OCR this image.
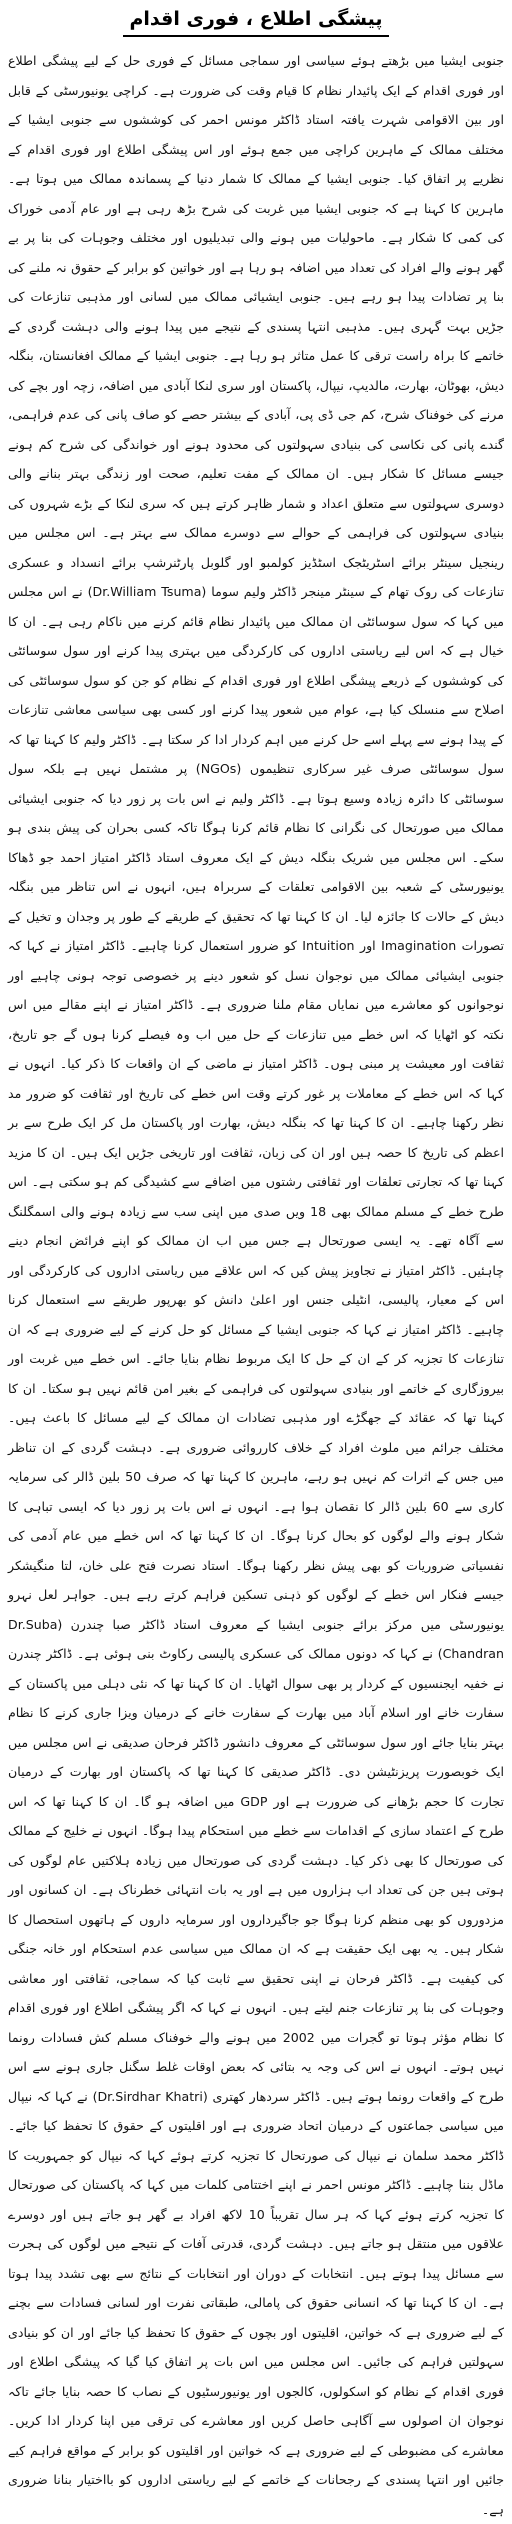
پیشگی اطلاع ، فوری اقدام

جنوبی ایشیا میں بڑھتے ہوئے سیاسی اور سماجی مسائل کے فوری حل کے لیے پیشگی اطلاع اور فوری اقدام کے ایک پائیدار نظام کا قیام وقت کی ضرورت ہے۔ کراچی یونیورسٹی کے قابل اور بین الاقوامی شہرت یافتہ استاد ڈاکٹر مونس احمر کی کوششوں سے جنوبی ایشیا کے مختلف ممالک کے ماہرین کراچی میں جمع ہوئے اور اس پیشگی اطلاع اور فوری اقدام کے نظریے پر اتفاق کیا۔ جنوبی ایشیا کے ممالک کا شمار دنیا کے پسماندہ ممالک میں ہوتا ہے۔ ماہرین کا کہنا ہے کہ جنوبی ایشیا میں غربت کی شرح بڑھ رہی ہے اور عام آدمی خوراک کی کمی کا شکار ہے۔ ماحولیات میں ہونے والی تبدیلیوں اور مختلف وجوہات کی بنا پر بے گھر ہونے والے افراد کی تعداد میں اضافہ ہو رہا ہے اور خواتین کو برابر کے حقوق نہ ملنے کی بنا پر تضادات پیدا ہو رہے ہیں۔ جنوبی ایشیائی ممالک میں لسانی اور مذہبی تنازعات کی جڑیں بہت گہری ہیں۔ مذہبی انتہا پسندی کے نتیجے میں پیدا ہونے والی دہشت گردی کے خاتمے کا براہ راست ترقی کا عمل متاثر ہو رہا ہے۔ جنوبی ایشیا کے ممالک افغانستان، بنگلہ دیش، بھوٹان، بھارت، مالدیپ، نیپال، پاکستان اور سری لنکا آبادی میں اضافہ، زچہ اور بچے کی مرنے کی خوفناک شرح، کم جی ڈی پی، آبادی کے بیشتر حصے کو صاف پانی کی عدم فراہمی، گندے پانی کی نکاسی کی بنیادی سہولتوں کی محدود ہونے اور خواندگی کی شرح کم ہونے جیسے مسائل کا شکار ہیں۔ ان ممالک کے مفت تعلیم، صحت اور زندگی بہتر بنانے والی دوسری سہولتوں سے متعلق اعداد و شمار ظاہر کرتے ہیں کہ سری لنکا کے بڑے شہروں کی بنیادی سہولتوں کی فراہمی کے حوالے سے دوسرے ممالک سے بہتر ہے۔ اس مجلس میں رینجیل سینٹر برائے اسٹریٹجک اسٹڈیز کولمبو اور گلوبل پارٹنرشپ برائے انسداد و عسکری تنازعات کی روک تھام کے سینٹر مینجر ڈاکٹر ولیم سوما (Dr.William Tsuma) نے اس مجلس میں کہا کہ سول سوسائٹی ان ممالک میں پائیدار نظام قائم کرنے میں ناکام رہی ہے۔ ان کا خیال ہے کہ اس لیے ریاستی اداروں کی کارکردگی میں بہتری پیدا کرنے اور سول سوسائٹی کی کوششوں کے ذریعے پیشگی اطلاع اور فوری اقدام کے نظام کو جن کو سول سوسائٹی کی اصلاح سے منسلک کیا ہے، عوام میں شعور پیدا کرنے اور کسی بھی سیاسی معاشی تنازعات کے پیدا ہونے سے پہلے اسے حل کرنے میں اہم کردار ادا کر سکتا ہے۔ ڈاکٹر ولیم کا کہنا تھا کہ سول سوسائٹی صرف غیر سرکاری تنظیموں (NGOs) پر مشتمل نہیں ہے بلکہ سول سوسائٹی کا دائرہ زیادہ وسیع ہوتا ہے۔ ڈاکٹر ولیم نے اس بات پر زور دیا کہ جنوبی ایشیائی ممالک میں صورتحال کی نگرانی کا نظام قائم کرنا ہوگا تاکہ کسی بحران کی پیش بندی ہو سکے۔ اس مجلس میں شریک بنگلہ دیش کے ایک معروف استاد ڈاکٹر امتیاز احمد جو ڈھاکا یونیورسٹی کے شعبہ بین الاقوامی تعلقات کے سربراہ ہیں، انہوں نے اس تناظر میں بنگلہ دیش کے حالات کا جائزہ لیا۔ ان کا کہنا تھا کہ تحقیق کے طریقے کے طور پر وجدان و تخیل کے تصورات Imagination اور Intuition کو ضرور استعمال کرنا چاہیے۔ ڈاکٹر امتیاز نے کہا کہ جنوبی ایشیائی ممالک میں نوجوان نسل کو شعور دینے پر خصوصی توجہ ہونی چاہیے اور نوجوانوں کو معاشرے میں نمایاں مقام ملنا ضروری ہے۔ ڈاکٹر امتیاز نے اپنے مقالے میں اس نکتہ کو اٹھایا کہ اس خطے میں تنازعات کے حل میں اب وہ فیصلے کرنا ہوں گے جو تاریخ، ثقافت اور معیشت پر مبنی ہوں۔ ڈاکٹر امتیاز نے ماضی کے ان واقعات کا ذکر کیا۔ انہوں نے کہا کہ اس خطے کے معاملات پر غور کرتے وقت اس خطے کی تاریخ اور ثقافت کو ضرور مد نظر رکھنا چاہیے۔ ان کا کہنا تھا کہ بنگلہ دیش، بھارت اور پاکستان مل کر ایک طرح سے بر اعظم کی تاریخ کا حصہ ہیں اور ان کی زبان، ثقافت اور تاریخی جڑیں ایک ہیں۔ ان کا مزید کہنا تھا کہ تجارتی تعلقات اور ثقافتی رشتوں میں اضافے سے کشیدگی کم ہو سکتی ہے۔ اس طرح خطے کے مسلم ممالک بھی 18 ویں صدی میں اپنی سب سے زیادہ ہونے والی اسمگلنگ سے آگاہ تھے۔ یہ ایسی صورتحال ہے جس میں اب ان ممالک کو اپنے فرائض انجام دینے چاہئیں۔ ڈاکٹر امتیاز نے تجاویز پیش کیں کہ اس علاقے میں ریاستی اداروں کی کارکردگی اور اس کے معیار، پالیسی، انٹیلی جنس اور اعلیٰ دانش کو بھرپور طریقے سے استعمال کرنا چاہیے۔ ڈاکٹر امتیاز نے کہا کہ جنوبی ایشیا کے مسائل کو حل کرنے کے لیے ضروری ہے کہ ان تنازعات کا تجزیہ کر کے ان کے حل کا ایک مربوط نظام بنایا جائے۔ اس خطے میں غربت اور بیروزگاری کے خاتمے اور بنیادی سہولتوں کی فراہمی کے بغیر امن قائم نہیں ہو سکتا۔ ان کا کہنا تھا کہ عقائد کے جھگڑے اور مذہبی تضادات ان ممالک کے لیے مسائل کا باعث ہیں۔ مختلف جرائم میں ملوث افراد کے خلاف کارروائی ضروری ہے۔ دہشت گردی کے ان تناظر میں جس کے اثرات کم نہیں ہو رہے، ماہرین کا کہنا تھا کہ صرف 50 بلین ڈالر کی سرمایہ کاری سے 60 بلین ڈالر کا نقصان ہوا ہے۔ انہوں نے اس بات پر زور دیا کہ ایسی تباہی کا شکار ہونے والے لوگوں کو بحال کرنا ہوگا۔ ان کا کہنا تھا کہ اس خطے میں عام آدمی کی نفسیاتی ضروریات کو بھی پیش نظر رکھنا ہوگا۔ استاد نصرت فتح علی خان، لتا منگیشکر جیسے فنکار اس خطے کے لوگوں کو ذہنی تسکین فراہم کرتے رہے ہیں۔ جواہر لعل نہرو یونیورسٹی میں مرکز برائے جنوبی ایشیا کے معروف استاد ڈاکٹر صبا چندرن (Dr.Suba Chandran) نے کہا کہ دونوں ممالک کی عسکری پالیسی رکاوٹ بنی ہوئی ہے۔ ڈاکٹر چندرن نے خفیہ ایجنسیوں کے کردار پر بھی سوال اٹھایا۔ ان کا کہنا تھا کہ نئی دہلی میں پاکستان کے سفارت خانے اور اسلام آباد میں بھارت کے سفارت خانے کے درمیان ویزا جاری کرنے کا نظام بہتر بنایا جائے اور سول سوسائٹی کے معروف دانشور ڈاکٹر فرحان صدیقی نے اس مجلس میں ایک خوبصورت پریزنٹیشن دی۔ ڈاکٹر صدیقی کا کہنا تھا کہ پاکستان اور بھارت کے درمیان تجارت کا حجم بڑھانے کی ضرورت ہے اور GDP میں اضافہ ہو گا۔ ان کا کہنا تھا کہ اس طرح کے اعتماد سازی کے اقدامات سے خطے میں استحکام پیدا ہوگا۔ انہوں نے خلیج کے ممالک کی صورتحال کا بھی ذکر کیا۔ دہشت گردی کی صورتحال میں زیادہ ہلاکتیں عام لوگوں کی ہوتی ہیں جن کی تعداد اب ہزاروں میں ہے اور یہ بات انتہائی خطرناک ہے۔ ان کسانوں اور مزدوروں کو بھی منظم کرنا ہوگا جو جاگیرداروں اور سرمایہ داروں کے ہاتھوں استحصال کا شکار ہیں۔ یہ بھی ایک حقیقت ہے کہ ان ممالک میں سیاسی عدم استحکام اور خانہ جنگی کی کیفیت ہے۔ ڈاکٹر فرحان نے اپنی تحقیق سے ثابت کیا کہ سماجی، ثقافتی اور معاشی وجوہات کی بنا پر تنازعات جنم لیتے ہیں۔ انہوں نے کہا کہ اگر پیشگی اطلاع اور فوری اقدام کا نظام مؤثر ہوتا تو گجرات میں 2002 میں ہونے والے خوفناک مسلم کش فسادات رونما نہیں ہوتے۔ انہوں نے اس کی وجہ یہ بتائی کہ بعض اوقات غلط سگنل جاری ہونے سے اس طرح کے واقعات رونما ہوتے ہیں۔ ڈاکٹر سردھار کھتری (Dr.Sirdhar Khatri) نے کہا کہ نیپال میں سیاسی جماعتوں کے درمیان اتحاد ضروری ہے اور اقلیتوں کے حقوق کا تحفظ کیا جائے۔ ڈاکٹر محمد سلمان نے نیپال کی صورتحال کا تجزیہ کرتے ہوئے کہا کہ نیپال کو جمہوریت کا ماڈل بننا چاہیے۔ ڈاکٹر مونس احمر نے اپنے اختتامی کلمات میں کہا کہ پاکستان کی صورتحال کا تجزیہ کرتے ہوئے کہا کہ ہر سال تقریباً 10 لاکھ افراد بے گھر ہو جاتے ہیں اور دوسرے علاقوں میں منتقل ہو جاتے ہیں۔ دہشت گردی، قدرتی آفات کے نتیجے میں لوگوں کی ہجرت سے مسائل پیدا ہوتے ہیں۔ انتخابات کے دوران اور انتخابات کے نتائج سے بھی تشدد پیدا ہوتا ہے۔ ان کا کہنا تھا کہ انسانی حقوق کی پامالی، طبقاتی نفرت اور لسانی فسادات سے بچنے کے لیے ضروری ہے کہ خواتین، اقلیتوں اور بچوں کے حقوق کا تحفظ کیا جائے اور ان کو بنیادی سہولتیں فراہم کی جائیں۔ اس مجلس میں اس بات پر اتفاق کیا گیا کہ پیشگی اطلاع اور فوری اقدام کے نظام کو اسکولوں، کالجوں اور یونیورسٹیوں کے نصاب کا حصہ بنایا جائے تاکہ نوجوان ان اصولوں سے آگاہی حاصل کریں اور معاشرے کی ترقی میں اپنا کردار ادا کریں۔ معاشرے کی مضبوطی کے لیے ضروری ہے کہ خواتین اور اقلیتوں کو برابر کے مواقع فراہم کیے جائیں اور انتہا پسندی کے رجحانات کے خاتمے کے لیے ریاستی اداروں کو بااختیار بنانا ضروری ہے۔
